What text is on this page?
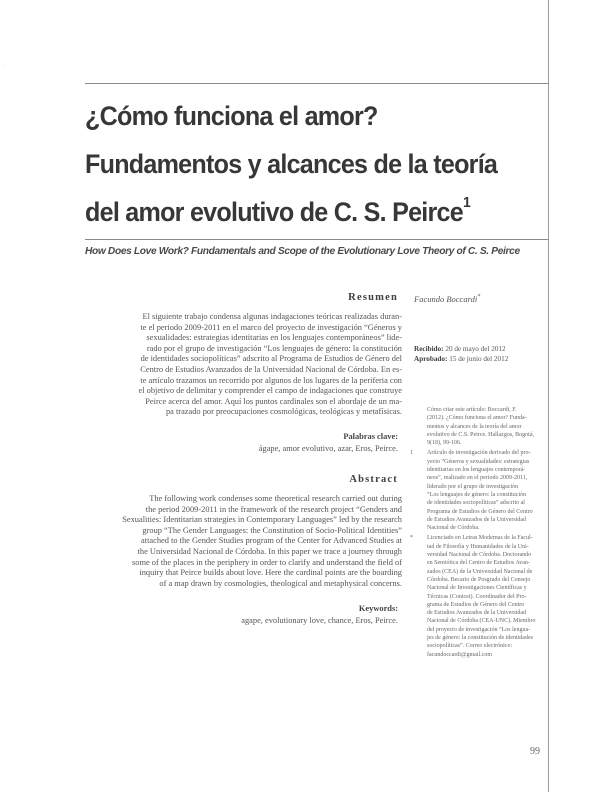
·
¿Cómo funciona el amor?
Fundamentos y alcances de la teoría
del amor evolutivo de C. S. Peirce$^1$
How Does Love Work? Fundamentals and Scope of the Evolutionary Love Theory of C. S. Peirce
Resumen
El siguiente trabajo condensa algunas indagaciones teóricas realizadas duran-
te el periodo 2009-2011 en el marco del proyecto de investigación “Géneros y
sexualidades: estrategias identitarias en los lenguajes contemporáneos” lide-
rado por el grupo de investigación “Los lenguajes de género: la constitución
de identidades sociopolíticas” adscrito al Programa de Estudios de Género del
Centro de Estudios Avanzados de la Universidad Nacional de Córdoba. En es-
te artículo trazamos un recorrido por algunos de los lugares de la periferia con
el objetivo de delimitar y comprender el campo de indagaciones que construye
Peirce acerca del amor. Aquí los puntos cardinales son el abordaje de un ma-
pa trazado por preocupaciones cosmológicas, teológicas y metafísicas.
Palabras clave:
ágape, amor evolutivo, azar, Eros, Peirce.
Abstract
The following work condenses some theoretical research carried out during
the period 2009-2011 in the framework of the research project “Genders and
Sexualities: Identitarian strategies in Contemporary Languages” led by the research
group “The Gender Languages: the Constitution of Socio-Political Identities”
attached to the Gender Studies program of the Center for Advanced Studies at
the Universidad Nacional de Córdoba. In this paper we trace a journey through
some of the places in the periphery in order to clarify and understand the field of
inquiry that Peirce builds about love. Here the cardinal points are the boarding
of a map drawn by cosmologies, theological and metaphysical concerns.
Keywords:
agape, evolutionary love, chance, Eros, Peirce.
Facundo Boccardi*
Recibido: 20 de mayo del 2012
Aprobado: 15 de junio del 2012
Cómo citar este artículo: Boccardi, F.
(2012). ¿Cómo funciona el amor? Funda-
mentos y alcances de la teoría del amor
evolutivo de C.S. Peirce. Hallazgos, Bogotá,
9(18), 99-106.
1 Artículo de investigación derivado del pro-
yecto “Géneros y sexualidades: estrategias
identitarias en los lenguajes contemporá-
neos”, realizado en el periodo 2009-2011,
liderado por el grupo de investigación
“Los lenguajes de género: la constitución
de identidades sociopolíticas” adscrito al
Programa de Estudios de Género del Centro
de Estudios Avanzados de la Universidad
Nacional de Córdoba.
* Licenciado en Letras Modernas de la Facul-
tad de Filosofía y Humanidades de la Uni-
versidad Nacional de Córdoba. Doctorando
en Semiótica del Centro de Estudios Avan-
zados (CEA) de la Universidad Nacional de
Córdoba. Becario de Posgrado del Consejo
Nacional de Investigaciones Científicas y
Técnicas (Conicet). Coordinador del Pro-
grama de Estudios de Género del Centro
de Estudios Avanzados de la Universidad
Nacional de Córdoba (CEA-UNC). Miembro
del proyecto de investigación “Los lengua-
jes de género: la constitución de identidades
sociopolíticas”. Correo electrónico:
facundoccardi@gmail.com
99
